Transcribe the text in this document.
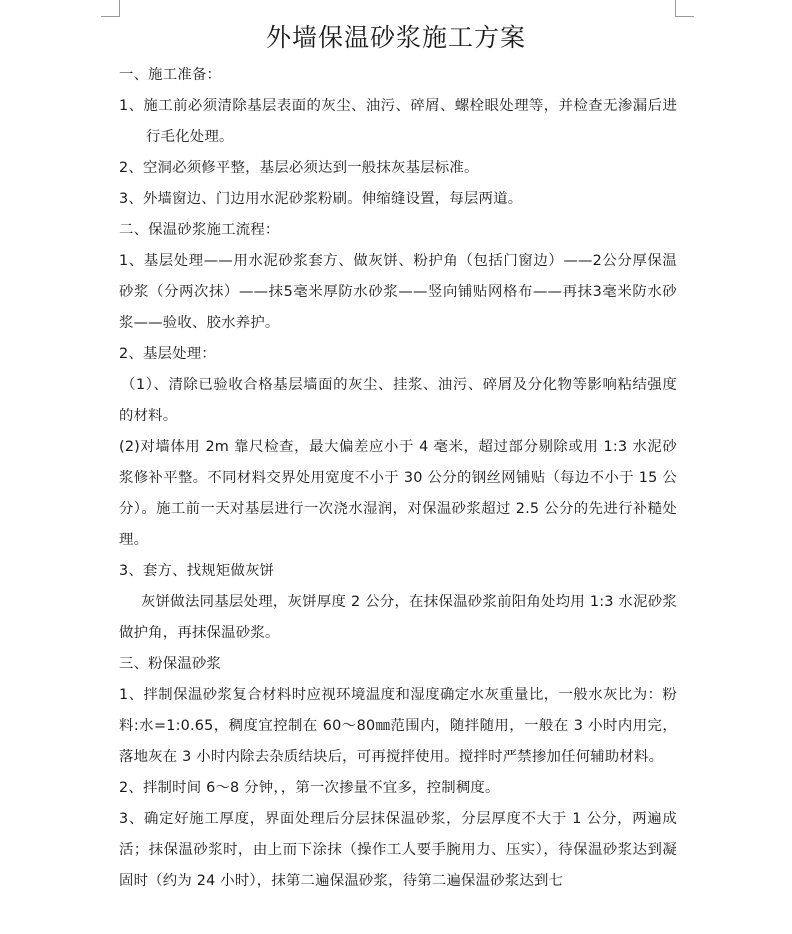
外墙保温砂浆施工方案

一、施工准备：

1、施工前必须清除基层表面的灰尘、油污、碎屑、螺栓眼处理等，并检查无渗漏后进行毛化处理。

2、空洞必须修平整，基层必须达到一般抹灰基层标准。

3、外墙窗边、门边用水泥砂浆粉刷。伸缩缝设置，每层两道。

二、保温砂浆施工流程：

1、基层处理——用水泥砂浆套方、做灰饼、粉护角（包括门窗边）——2公分厚保温砂浆（分两次抹）——抹5毫米厚防水砂浆——竖向铺贴网格布——再抹3毫米防水砂浆——验收、胶水养护。

2、基层处理：

（1）、清除已验收合格基层墙面的灰尘、挂浆、油污、碎屑及分化物等影响粘结强度的材料。

(2)对墙体用 2m 靠尺检查，最大偏差应小于 4 毫米，超过部分剔除或用 1:3 水泥砂浆修补平整。不同材料交界处用宽度不小于 30 公分的钢丝网铺贴（每边不小于 15 公分）。施工前一天对基层进行一次浇水湿润，对保温砂浆超过 2.5 公分的先进行补糙处理。

3、套方、找规矩做灰饼

灰饼做法同基层处理，灰饼厚度 2 公分，在抹保温砂浆前阳角处均用 1:3 水泥砂浆做护角，再抹保温砂浆。

三、粉保温砂浆

1、拌制保温砂浆复合材料时应视环境温度和湿度确定水灰重量比，一般水灰比为：粉料:水=1:0.65，稠度宜控制在 60～80㎜范围内，随拌随用，一般在 3 小时内用完，落地灰在 3 小时内除去杂质结块后，可再搅拌使用。搅拌时严禁掺加任何辅助材料。

2、拌制时间 6～8 分钟，，第一次掺量不宜多，控制稠度。

3、确定好施工厚度，界面处理后分层抹保温砂浆，分层厚度不大于 1 公分，两遍成活；抹保温砂浆时，由上而下涂抹（操作工人要手腕用力、压实），待保温砂浆达到凝固时（约为 24 小时），抹第二遍保温砂浆，待第二遍保温砂浆达到七
